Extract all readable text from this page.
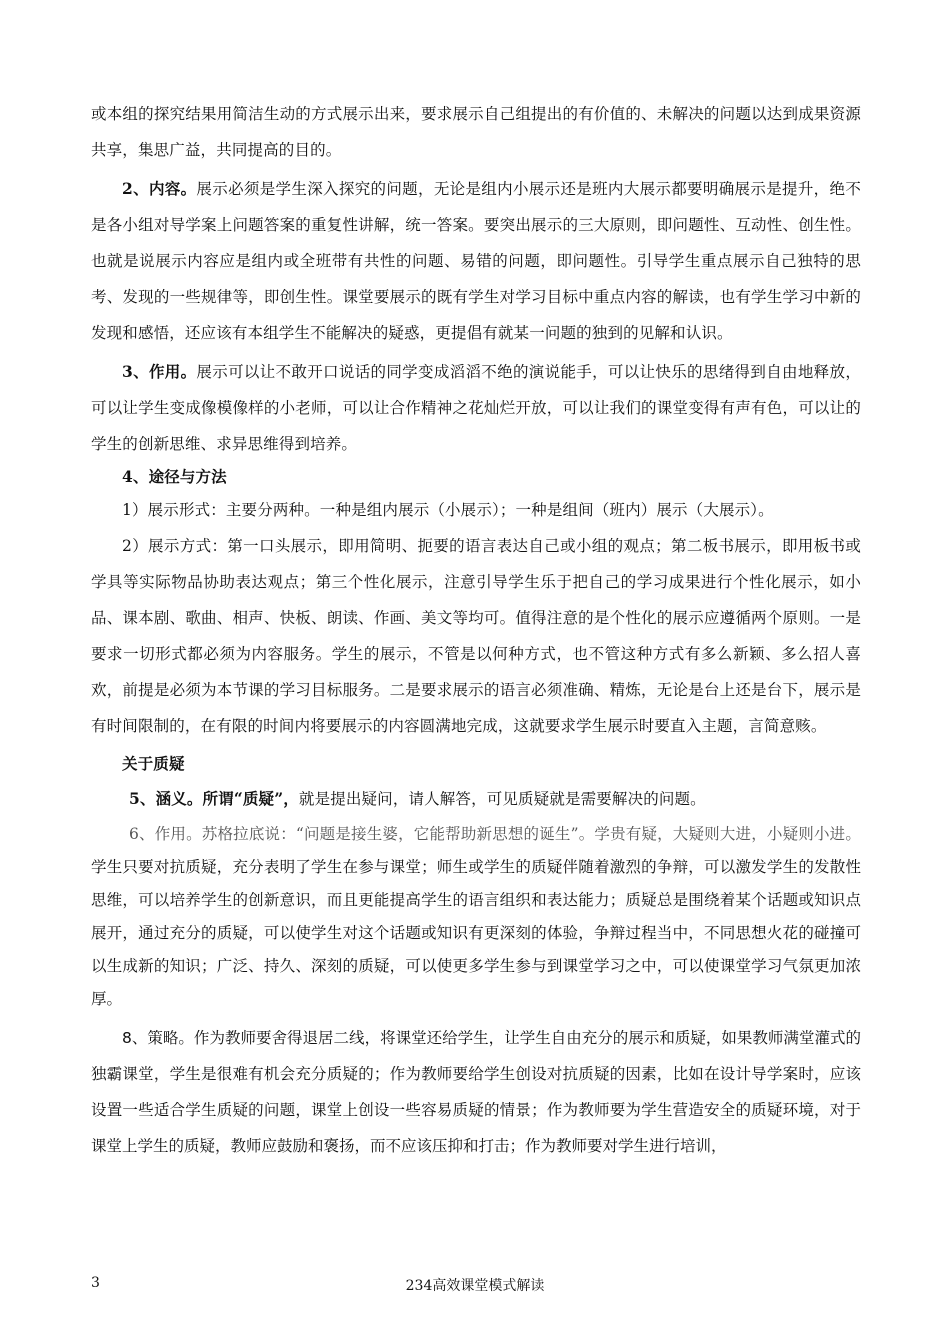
或本组的探究结果用简洁生动的方式展示出来，要求展示自己组提出的有价值的、未解决的问题以达到成果资源共享，集思广益，共同提高的目的。

2、内容。展示必须是学生深入探究的问题，无论是组内小展示还是班内大展示都要明确展示是提升，绝不是各小组对导学案上问题答案的重复性讲解，统一答案。要突出展示的三大原则，即问题性、互动性、创生性。也就是说展示内容应是组内或全班带有共性的问题、易错的问题，即问题性。引导学生重点展示自己独特的思考、发现的一些规律等，即创生性。课堂要展示的既有学生对学习目标中重点内容的解读，也有学生学习中新的发现和感悟，还应该有本组学生不能解决的疑惑，更提倡有就某一问题的独到的见解和认识。

3、作用。展示可以让不敢开口说话的同学变成滔滔不绝的演说能手，可以让快乐的思绪得到自由地释放，可以让学生变成像模像样的小老师，可以让合作精神之花灿烂开放，可以让我们的课堂变得有声有色，可以让的学生的创新思维、求异思维得到培养。

4、途径与方法

1）展示形式：主要分两种。一种是组内展示（小展示）；一种是组间（班内）展示（大展示）。

2）展示方式：第一口头展示，即用简明、扼要的语言表达自己或小组的观点；第二板书展示，即用板书或学具等实际物品协助表达观点；第三个性化展示，注意引导学生乐于把自己的学习成果进行个性化展示，如小品、课本剧、歌曲、相声、快板、朗读、作画、美文等均可。值得注意的是个性化的展示应遵循两个原则。一是要求一切形式都必须为内容服务。学生的展示，不管是以何种方式，也不管这种方式有多么新颖、多么招人喜欢，前提是必须为本节课的学习目标服务。二是要求展示的语言必须准确、精炼，无论是台上还是台下，展示是有时间限制的，在有限的时间内将要展示的内容圆满地完成，这就要求学生展示时要直入主题，言简意赅。

关于质疑

5、涵义。所谓“质疑”，就是提出疑问，请人解答，可见质疑就是需要解决的问题。

6、作用。苏格拉底说：“问题是接生婆，它能帮助新思想的诞生”。学贵有疑，大疑则大进，小疑则小进。学生只要对抗质疑，充分表明了学生在参与课堂；师生或学生的质疑伴随着激烈的争辩，可以激发学生的发散性思维，可以培养学生的创新意识，而且更能提高学生的语言组织和表达能力；质疑总是围绕着某个话题或知识点展开，通过充分的质疑，可以使学生对这个话题或知识有更深刻的体验，争辩过程当中，不同思想火花的碰撞可以生成新的知识；广泛、持久、深刻的质疑，可以使更多学生参与到课堂学习之中，可以使课堂学习气氛更加浓厚。

8、策略。作为教师要舍得退居二线，将课堂还给学生，让学生自由充分的展示和质疑，如果教师满堂灌式的独霸课堂，学生是很难有机会充分质疑的；作为教师要给学生创设对抗质疑的因素，比如在设计导学案时，应该设置一些适合学生质疑的问题，课堂上创设一些容易质疑的情景；作为教师要为学生营造安全的质疑环境，对于课堂上学生的质疑，教师应鼓励和褒扬，而不应该压抑和打击；作为教师要对学生进行培训，

3	234高效课堂模式解读
